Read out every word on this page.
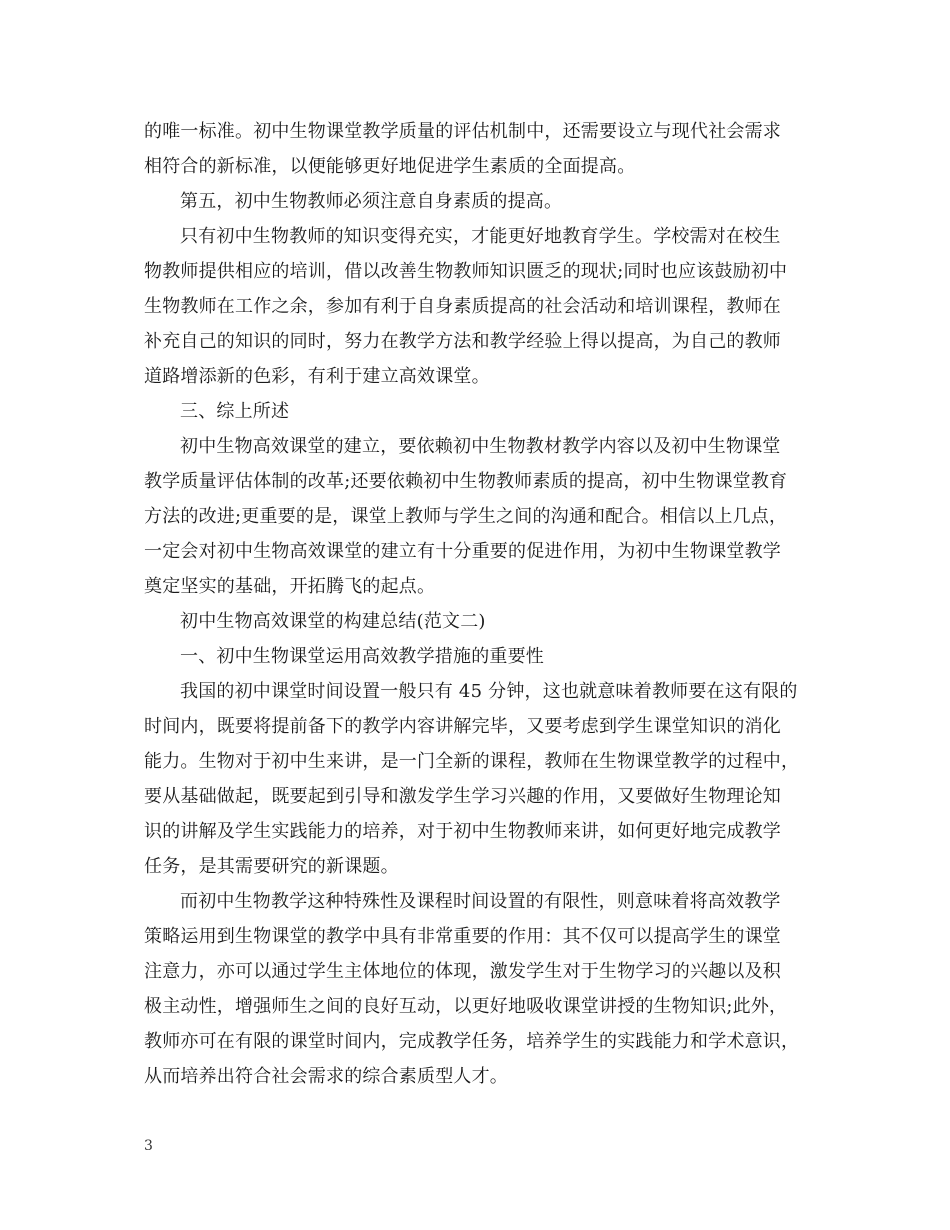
的唯一标准。初中生物课堂教学质量的评估机制中，还需要设立与现代社会需求
相符合的新标准，以便能够更好地促进学生素质的全面提高。
第五，初中生物教师必须注意自身素质的提高。
只有初中生物教师的知识变得充实，才能更好地教育学生。学校需对在校生
物教师提供相应的培训，借以改善生物教师知识匮乏的现状;同时也应该鼓励初中
生物教师在工作之余，参加有利于自身素质提高的社会活动和培训课程，教师在
补充自己的知识的同时，努力在教学方法和教学经验上得以提高，为自己的教师
道路增添新的色彩，有利于建立高效课堂。
三、综上所述
初中生物高效课堂的建立，要依赖初中生物教材教学内容以及初中生物课堂
教学质量评估体制的改革;还要依赖初中生物教师素质的提高，初中生物课堂教育
方法的改进;更重要的是，课堂上教师与学生之间的沟通和配合。相信以上几点，
一定会对初中生物高效课堂的建立有十分重要的促进作用，为初中生物课堂教学
奠定坚实的基础，开拓腾飞的起点。
初中生物高效课堂的构建总结(范文二)
一、初中生物课堂运用高效教学措施的重要性
我国的初中课堂时间设置一般只有 45 分钟，这也就意味着教师要在这有限的
时间内，既要将提前备下的教学内容讲解完毕，又要考虑到学生课堂知识的消化
能力。生物对于初中生来讲，是一门全新的课程，教师在生物课堂教学的过程中，
要从基础做起，既要起到引导和激发学生学习兴趣的作用，又要做好生物理论知
识的讲解及学生实践能力的培养，对于初中生物教师来讲，如何更好地完成教学
任务，是其需要研究的新课题。
而初中生物教学这种特殊性及课程时间设置的有限性，则意味着将高效教学
策略运用到生物课堂的教学中具有非常重要的作用：其不仅可以提高学生的课堂
注意力，亦可以通过学生主体地位的体现，激发学生对于生物学习的兴趣以及积
极主动性，增强师生之间的良好互动，以更好地吸收课堂讲授的生物知识;此外，
教师亦可在有限的课堂时间内，完成教学任务，培养学生的实践能力和学术意识，
从而培养出符合社会需求的综合素质型人才。
3
